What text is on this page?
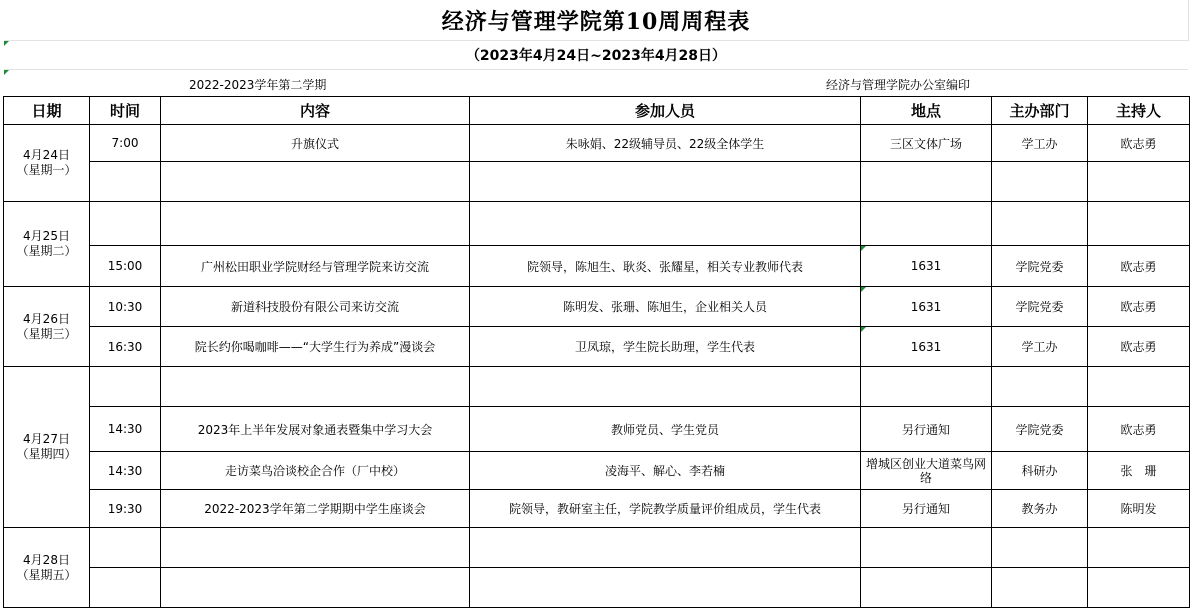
经济与管理学院第10周周程表
（2023年4月24日~2023年4月28日）
2022-2023学年第二学期	经济与管理学院办公室编印
日期	时间	内容	参加人员	地点	主办部门	主持人

4月24日
（星期一）	7:00	升旗仪式	朱咏娟、22级辅导员、22级全体学生	三区文体广场	学工办	欧志勇

4月25日
（星期二）						

	15:00	广州松田职业学院财经与管理学院来访交流	院领导，陈旭生、耿炎、张耀星，相关专业教师代表	1631	学院党委	欧志勇

4月26日
（星期三）	10:30	新道科技股份有限公司来访交流	陈明发、张珊、陈旭生，企业相关人员	1631	学院党委	欧志勇
	16:30	院长约你喝咖啡——“大学生行为养成”漫谈会	卫凤琼，学生院长助理，学生代表	1631	学工办	欧志勇

4月27日
（星期四）						

	14:30	2023年上半年发展对象通表暨集中学习大会	教师党员、学生党员	另行通知	学院党委	欧志勇
	14:30	走访菜鸟洽谈校企合作（厂中校）	凌海平、解心、李若楠	增城区创业大道菜鸟网络	科研办	张　珊
	19:30	2022-2023学年第二学期期中学生座谈会	院领导，教研室主任，学院教学质量评价组成员，学生代表	另行通知	教务办	陈明发

4月28日
（星期五）						
